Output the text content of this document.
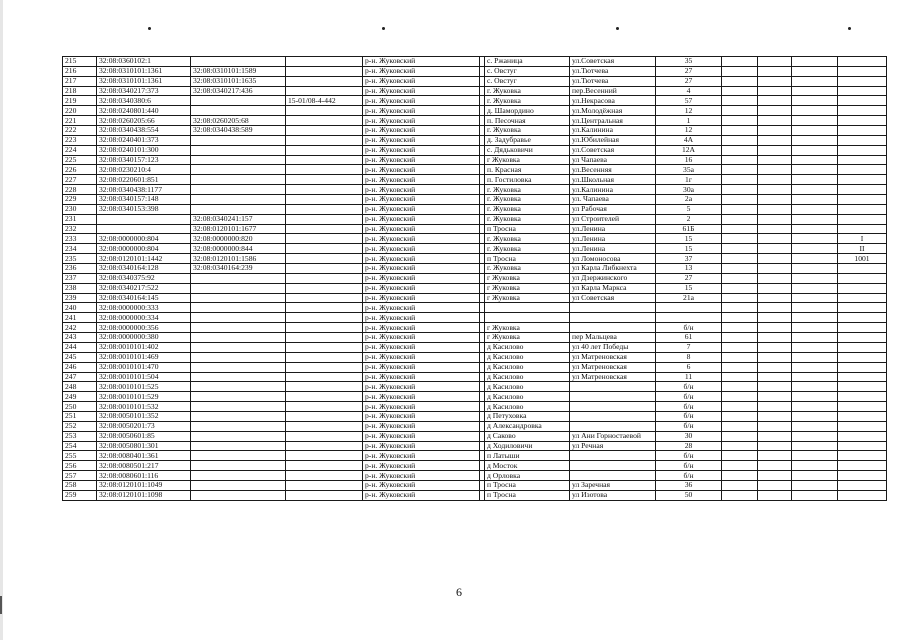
215	32:08:0360102:1			р-н. Жуковский		с. Ржаница	ул.Советская	35				
216	32:08:0310101:1361	32:08:0310101:1589		р-н. Жуковский		с. Овстуг	ул.Тютчева	27				
217	32:08:0310101:1361	32:08:0310101:1635		р-н. Жуковский		с. Овстуг	ул.Тютчева	27				
218	32:08:0340217:373	32:08:0340217:436		р-н. Жуковский		г. Жуковка	пер.Весенний	4				
219	32:08:0340380:6		15-01/08-4-442	р-н. Жуковский		г. Жуковка	ул.Некрасова	57				
220	32:08:0240801:440			р-н. Жуковский		д. Шамордино	ул.Молодёжная	12				
221	32:08:0260205:66	32:08:0260205:68		р-н. Жуковский		п. Песочная	ул.Центральная	1				
222	32:08:0340438:554	32:08:0340438:589		р-н. Жуковский		г. Жуковка	ул.Калинина	12				
223	32:08:0240401:373			р-н. Жуковский		д. Задубравье	ул.Юбилейная	4А				
224	32:08:0240101:300			р-н. Жуковский		с. Дядьковичи	ул.Советская	12А				
225	32:08:0340157:123			р-н. Жуковский		г Жуковка	ул Чапаева	16				
226	32:08:0230210:4			р-н. Жуковский		п. Красная	ул.Весенняя	35а				
227	32:08:0220601:851			р-н. Жуковский		п. Гостиловка	ул.Школьная	1г				
228	32:08:0340438:1177			р-н. Жуковский		г. Жуковка	ул.Калинина	30а				
229	32:08:0340157:148			р-н. Жуковский		г. Жуковка	ул. Чапаева	2а				
230	32:08:0340153:398			р-н. Жуковский		г. Жуковка	ул Рабочая	5				
231		32:08:0340241:157		р-н. Жуковский		г. Жуковка	ул Строителей	2				
232		32:08:0120101:1677		р-н. Жуковский		п Тросна	ул.Ленина	61Б				
233	32:08:0000000:804	32:08:0000000:820		р-н. Жуковский		г. Жуковка	ул.Ленина	15				I
234	32:08:0000000:804	32:08:0000000:844		р-н. Жуковский		г. Жуковка	ул.Ленина	15				II
235	32:08:0120101:1442	32:08:0120101:1586		р-н. Жуковский		п Тросна	ул Ломоносова	37				1001
236	32:08:0340164:128	32:08:0340164:239		р-н. Жуковский		г. Жуковка	ул Карла Либкнехта	13				
237	32:08:0340375:92			р-н. Жуковский		г Жуковка	ул Дзержинского	27				
238	32:08:0340217:522			р-н. Жуковский		г Жуковка	ул Карла Маркса	15				
239	32:08:0340164:145			р-н. Жуковский		г Жуковка	ул Советская	21а				
240	32:08:0000000:333			р-н. Жуковский								
241	32:08:0000000:334			р-н. Жуковский								
242	32:08:0000000:356			р-н. Жуковский		г Жуковка		б/н				
243	32:08:0000000:380			р-н. Жуковский		г Жуковка	пер Мальцева	61				
244	32:08:0010101:402			р-н. Жуковский		д Касилово	ул 40 лет Победы	7				
245	32:08:0010101:469			р-н. Жуковский		д Касилово	ул Матреновская	8				
246	32:08:0010101:470			р-н. Жуковский		д Касилово	ул Матреновская	6				
247	32:08:0010101:504			р-н. Жуковский		д Касилово	ул Матреновская	11				
248	32:08:0010101:525			р-н. Жуковский		д Касилово		б/н				
249	32:08:0010101:529			р-н. Жуковский		д Касилово		б/н				
250	32:08:0010101:532			р-н. Жуковский		д Касилово		б/н				
251	32:08:0050101:352			р-н. Жуковский		д Петуховка		б/н				
252	32:08:0050201:73			р-н. Жуковский		д Александровка		б/н				
253	32:08:0050601:85			р-н. Жуковский		д Саково	ул Ани Горностаевой	30				
254	32:08:0050801:301			р-н. Жуковский		д Ходиловичи	ул Речная	28				
255	32:08:0080401:361			р-н. Жуковский		п Латыши		б/н				
256	32:08:0080501:217			р-н. Жуковский		д Мосток		б/н				
257	32:08:0080601:116			р-н. Жуковский		д Орловка		б/н				
258	32:08:0120101:1049			р-н. Жуковский		п Тросна	ул Заречная	36				
259	32:08:0120101:1098			р-н. Жуковский		п Тросна	ул Изотова	50				
6
